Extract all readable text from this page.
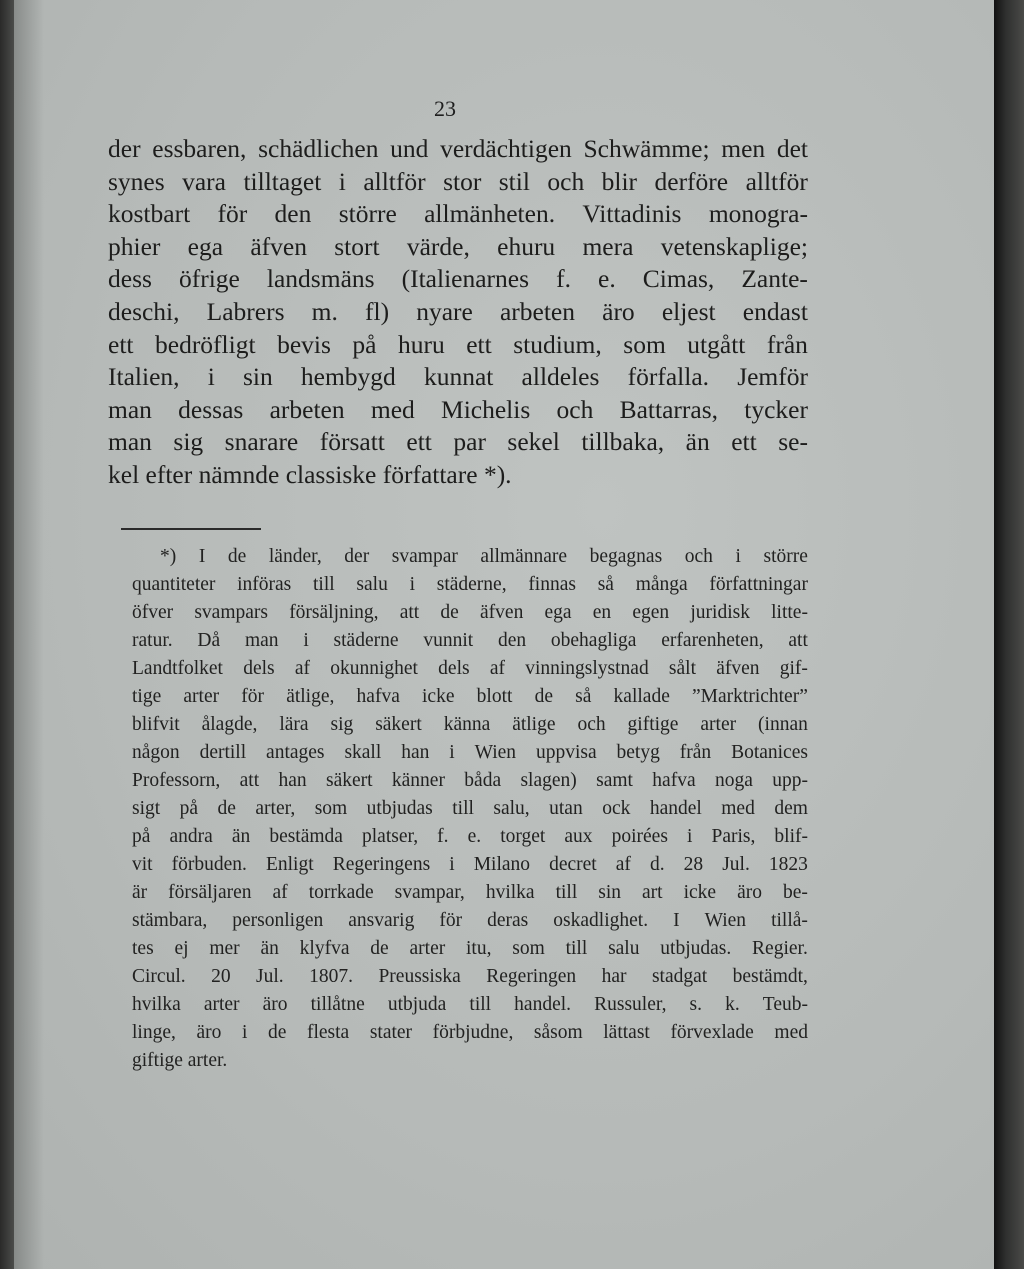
23
der essbaren, schädlichen und verdächtigen Schwämme; men det
synes vara tilltaget i alltför stor stil och blir derföre alltför
kostbart för den större allmänheten. Vittadinis monogra-
phier ega äfven stort värde, ehuru mera vetenskaplige;
dess öfrige landsmäns (Italienarnes f. e. Cimas, Zante-
deschi, Labrers m. fl) nyare arbeten äro eljest endast
ett bedröfligt bevis på huru ett studium, som utgått från
Italien, i sin hembygd kunnat alldeles förfalla. Jemför
man dessas arbeten med Michelis och Battarras, tycker
man sig snarare försatt ett par sekel tillbaka, än ett se-
kel efter nämnde classiske författare *).
*) I de länder, der svampar allmännare begagnas och i större
quantiteter införas till salu i städerne, finnas så många författningar
öfver svampars försäljning, att de äfven ega en egen juridisk litte-
ratur. Då man i städerne vunnit den obehagliga erfarenheten, att
Landtfolket dels af okunnighet dels af vinningslystnad sålt äfven gif-
tige arter för ätlige, hafva icke blott de så kallade ”Marktrichter”
blifvit ålagde, lära sig säkert känna ätlige och giftige arter (innan
någon dertill antages skall han i Wien uppvisa betyg från Botanices
Professorn, att han säkert känner båda slagen) samt hafva noga upp-
sigt på de arter, som utbjudas till salu, utan ock handel med dem
på andra än bestämda platser, f. e. torget aux poirées i Paris, blif-
vit förbuden. Enligt Regeringens i Milano decret af d. 28 Jul. 1823
är försäljaren af torrkade svampar, hvilka till sin art icke äro be-
stämbara, personligen ansvarig för deras oskadlighet. I Wien tillå-
tes ej mer än klyfva de arter itu, som till salu utbjudas. Regier.
Circul. 20 Jul. 1807. Preussiska Regeringen har stadgat bestämdt,
hvilka arter äro tillåtne utbjuda till handel. Russuler, s. k. Teub-
linge, äro i de flesta stater förbjudne, såsom lättast förvexlade med
giftige arter.
